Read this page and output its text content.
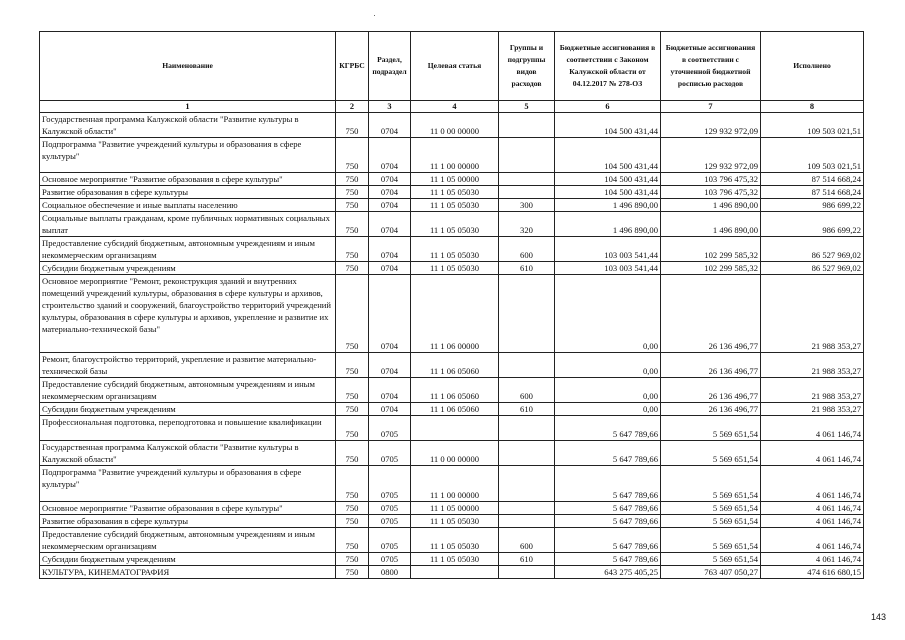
Наименование	КГРБС	Раздел, подраздел	Целевая статья	Группы и подгруппы видов расходов	Бюджетные ассигнования в соответствии с Законом Калужской области от 04.12.2017 № 278-ОЗ	Бюджетные ассигнования в соответствии с уточненной бюджетной росписью расходов	Исполнено
1	2	3	4	5	6	7	8
Государственная программа Калужской области "Развитие культуры в Калужской области"	750	0704	11 0 00 00000		104 500 431,44	129 932 972,09	109 503 021,51
Подпрограмма "Развитие учреждений культуры и образования в сфере культуры"	750	0704	11 1 00 00000		104 500 431,44	129 932 972,09	109 503 021,51
Основное мероприятие "Развитие образования в сфере культуры"	750	0704	11 1 05 00000		104 500 431,44	103 796 475,32	87 514 668,24
Развитие образования в сфере культуры	750	0704	11 1 05 05030		104 500 431,44	103 796 475,32	87 514 668,24
Социальное обеспечение и иные выплаты населению	750	0704	11 1 05 05030	300	1 496 890,00	1 496 890,00	986 699,22
Социальные выплаты гражданам, кроме публичных нормативных социальных выплат	750	0704	11 1 05 05030	320	1 496 890,00	1 496 890,00	986 699,22
Предоставление субсидий бюджетным, автономным учреждениям и иным некоммерческим организациям	750	0704	11 1 05 05030	600	103 003 541,44	102 299 585,32	86 527 969,02
Субсидии бюджетным учреждениям	750	0704	11 1 05 05030	610	103 003 541,44	102 299 585,32	86 527 969,02
Основное мероприятие "Ремонт, реконструкция зданий и внутренних помещений учреждений культуры, образования в сфере культуры и архивов, строительство зданий и сооружений, благоустройство территорий учреждений культуры, образования в сфере культуры и архивов, укрепление и развитие их материально-технической базы"	750	0704	11 1 06 00000		0,00	26 136 496,77	21 988 353,27
Ремонт, благоустройство территорий, укрепление и развитие материально-технической базы	750	0704	11 1 06 05060		0,00	26 136 496,77	21 988 353,27
Предоставление субсидий бюджетным, автономным учреждениям и иным некоммерческим организациям	750	0704	11 1 06 05060	600	0,00	26 136 496,77	21 988 353,27
Субсидии бюджетным учреждениям	750	0704	11 1 06 05060	610	0,00	26 136 496,77	21 988 353,27
Профессиональная подготовка, переподготовка и повышение квалификации	750	0705			5 647 789,66	5 569 651,54	4 061 146,74
Государственная программа Калужской области "Развитие культуры в Калужской области"	750	0705	11 0 00 00000		5 647 789,66	5 569 651,54	4 061 146,74
Подпрограмма "Развитие учреждений культуры и образования в сфере культуры"	750	0705	11 1 00 00000		5 647 789,66	5 569 651,54	4 061 146,74
Основное мероприятие "Развитие образования в сфере культуры"	750	0705	11 1 05 00000		5 647 789,66	5 569 651,54	4 061 146,74
Развитие образования в сфере культуры	750	0705	11 1 05 05030		5 647 789,66	5 569 651,54	4 061 146,74
Предоставление субсидий бюджетным, автономным учреждениям и иным некоммерческим организациям	750	0705	11 1 05 05030	600	5 647 789,66	5 569 651,54	4 061 146,74
Субсидии бюджетным учреждениям	750	0705	11 1 05 05030	610	5 647 789,66	5 569 651,54	4 061 146,74
КУЛЬТУРА, КИНЕМАТОГРАФИЯ	750	0800			643 275 405,25	763 407 050,27	474 616 680,15
143
